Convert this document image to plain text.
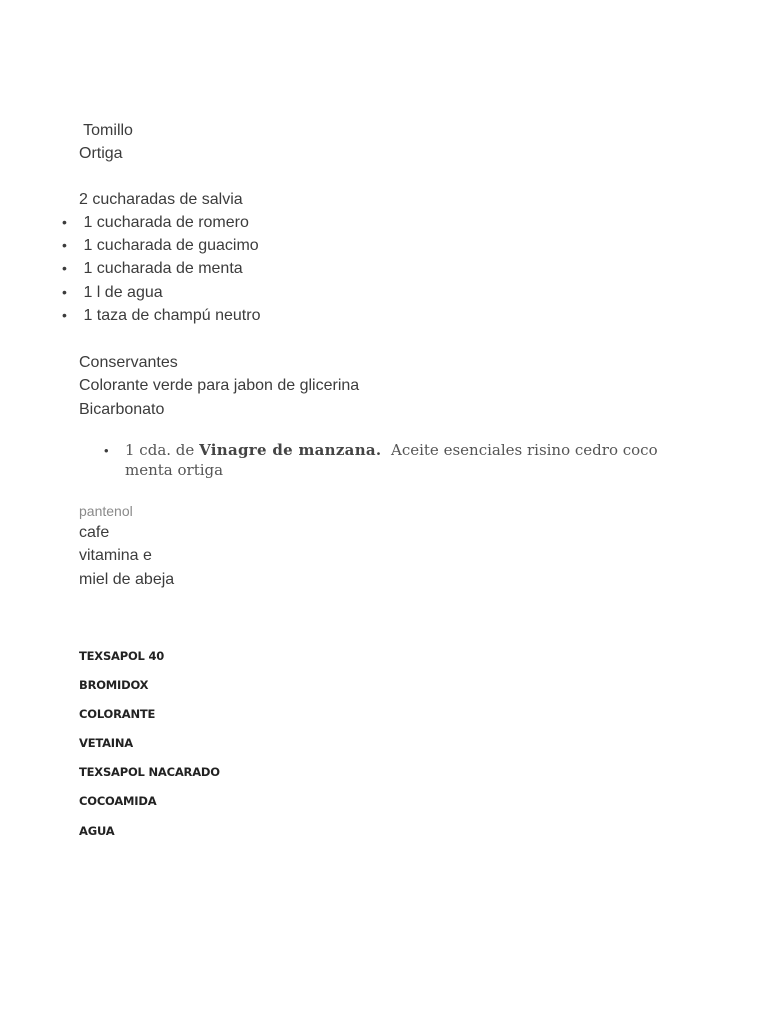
Tomillo
Ortiga
2 cucharadas de salvia
• 1 cucharada de romero
• 1 cucharada de guacimo
• 1 cucharada de menta
• 1 l de agua
• 1 taza de champú neutro
Conservantes
Colorante verde para jabon de glicerina
Bicarbonato
•	1 cda. de Vinagre de manzana. Aceite esenciales risino cedro coco menta ortiga
pantenol
cafe
vitamina e
miel de abeja
TEXSAPOL 40
BROMIDOX
COLORANTE
VETAINA
TEXSAPOL NACARADO
COCOAMIDA
AGUA
